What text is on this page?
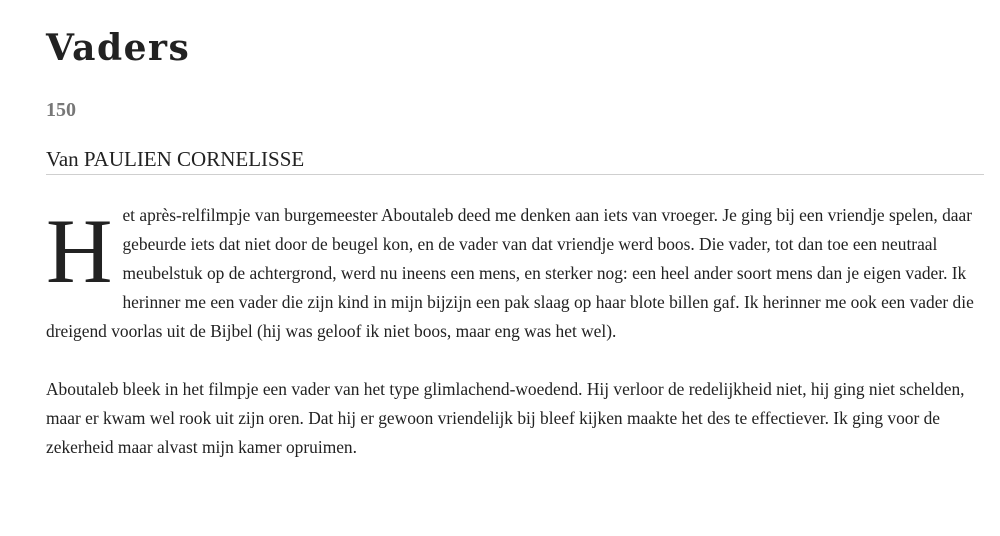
Vaders
150
Van PAULIEN CORNELISSE

Het après-relfilmpje van burgemeester Aboutaleb deed me denken aan iets van vroeger. Je ging bij een vriendje spelen, daar gebeurde iets dat niet door de beugel kon, en de vader van dat vriendje werd boos. Die vader, tot dan toe een neutraal meubelstuk op de achtergrond, werd nu ineens een mens, en sterker nog: een heel ander soort mens dan je eigen vader. Ik herinner me een vader die zijn kind in mijn bijzijn een pak slaag op haar blote billen gaf. Ik herinner me ook een vader die dreigend voorlas uit de Bijbel (hij was geloof ik niet boos, maar eng was het wel).

Aboutaleb bleek in het filmpje een vader van het type glimlachend-woedend. Hij verloor de redelijkheid niet, hij ging niet schelden, maar er kwam wel rook uit zijn oren. Dat hij er gewoon vriendelijk bij bleef kijken maakte het des te effectiever. Ik ging voor de zekerheid maar alvast mijn kamer opruimen.
